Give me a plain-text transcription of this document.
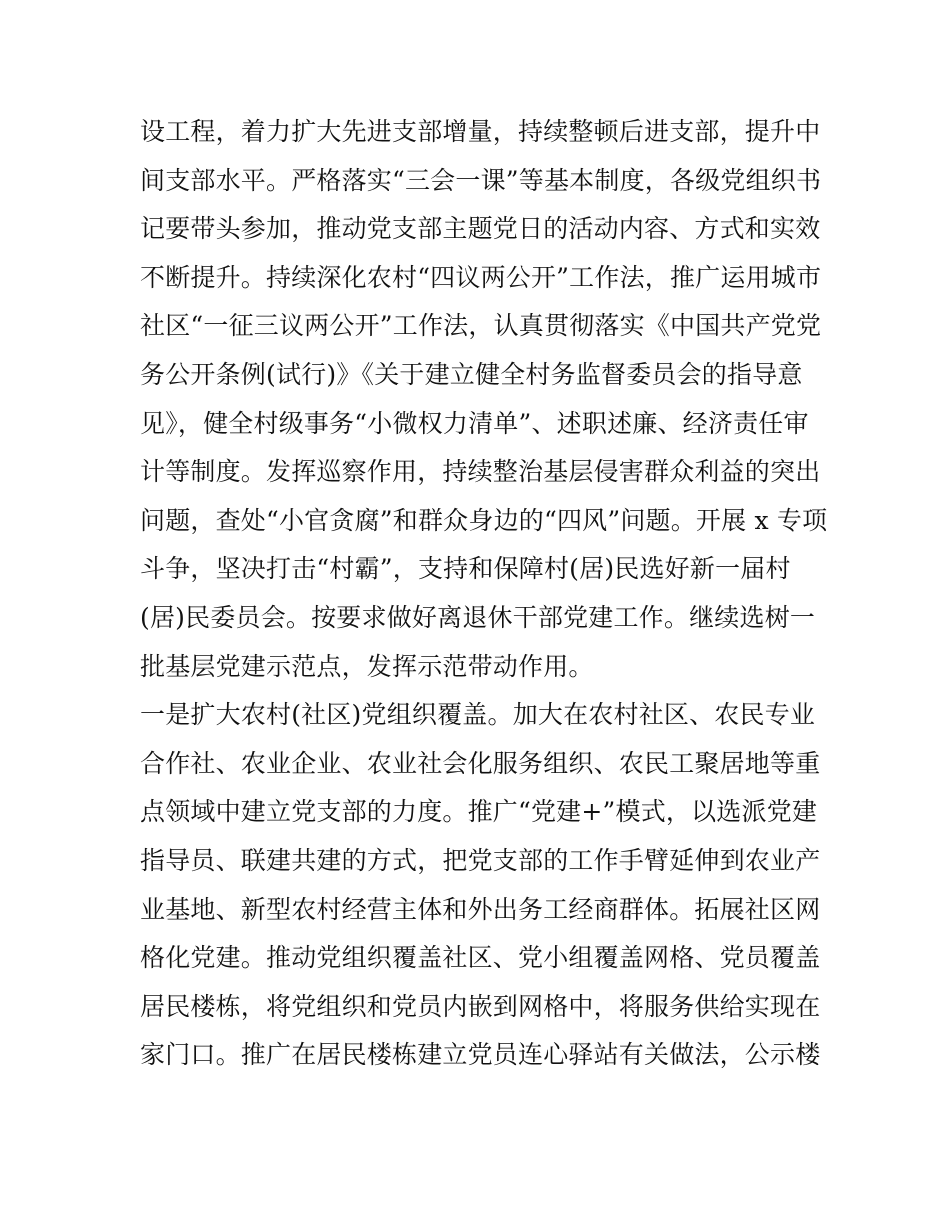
设工程，着力扩大先进支部增量，持续整顿后进支部，提升中
间支部水平。严格落实“三会一课”等基本制度，各级党组织书
记要带头参加，推动党支部主题党日的活动内容、方式和实效
不断提升。持续深化农村“四议两公开”工作法，推广运用城市
社区“一征三议两公开”工作法，认真贯彻落实《中国共产党党
务公开条例(试行)》《关于建立健全村务监督委员会的指导意
见》，健全村级事务“小微权力清单”、述职述廉、经济责任审
计等制度。发挥巡察作用，持续整治基层侵害群众利益的突出
问题，查处“小官贪腐”和群众身边的“四风”问题。开展 x 专项
斗争，坚决打击“村霸”，支持和保障村(居)民选好新一届村
(居)民委员会。按要求做好离退休干部党建工作。继续选树一
批基层党建示范点，发挥示范带动作用。
一是扩大农村(社区)党组织覆盖。加大在农村社区、农民专业
合作社、农业企业、农业社会化服务组织、农民工聚居地等重
点领域中建立党支部的力度。推广“党建+”模式，以选派党建
指导员、联建共建的方式，把党支部的工作手臂延伸到农业产
业基地、新型农村经营主体和外出务工经商群体。拓展社区网
格化党建。推动党组织覆盖社区、党小组覆盖网格、党员覆盖
居民楼栋，将党组织和党员内嵌到网格中，将服务供给实现在
家门口。推广在居民楼栋建立党员连心驿站有关做法，公示楼
